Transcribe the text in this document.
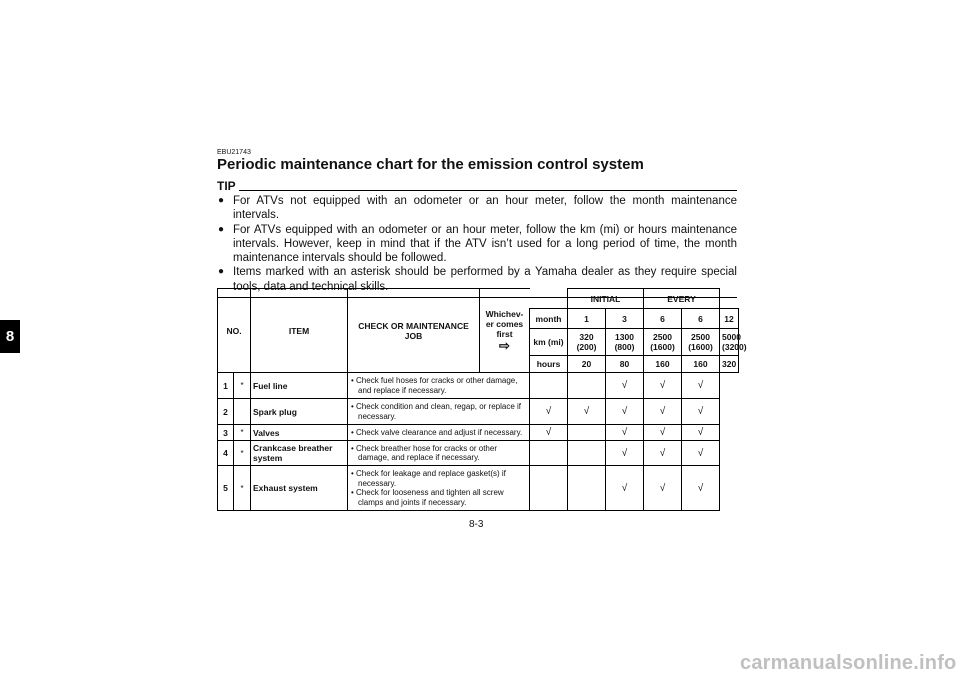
8
EBU21743
Periodic maintenance chart for the emission control system
TIP
● For ATVs not equipped with an odometer or an hour meter, follow the month maintenance intervals.
● For ATVs equipped with an odometer or an hour meter, follow the km (mi) or hours maintenance intervals. However, keep in mind that if the ATV isn’t used for a long period of time, the month maintenance intervals should be followed.
● Items marked with an asterisk should be performed by a Yamaha dealer as they require special tools, data and technical skills.
NO.		ITEM	CHECK OR MAINTENANCE JOB	Whichev-er comes first
⇨		INITIAL		EVERY		
					month	1	3	6	6	12
					km (mi)	320 (200)	1300 (800)	2500 (1600)	2500 (1600)	5000 (3200)
					hours	20	80	160	160	320
1	*	Fuel line	• Check fuel hoses for cracks or other damage, and replace if necessary.				√	√	√	
2		Spark plug	• Check condition and clean, regap, or replace if necessary.		√	√	√	√	√	
3	*	Valves	• Check valve clearance and adjust if necessary.		√		√	√	√	
4	*	Crankcase breather system	• Check breather hose for cracks or other damage, and replace if necessary.				√	√	√	
5	*	Exhaust system	• Check for leakage and replace gasket(s) if necessary.
• Check for looseness and tighten all screw clamps and joints if necessary.				√	√	√	
8-3
carmanualsonline.info
